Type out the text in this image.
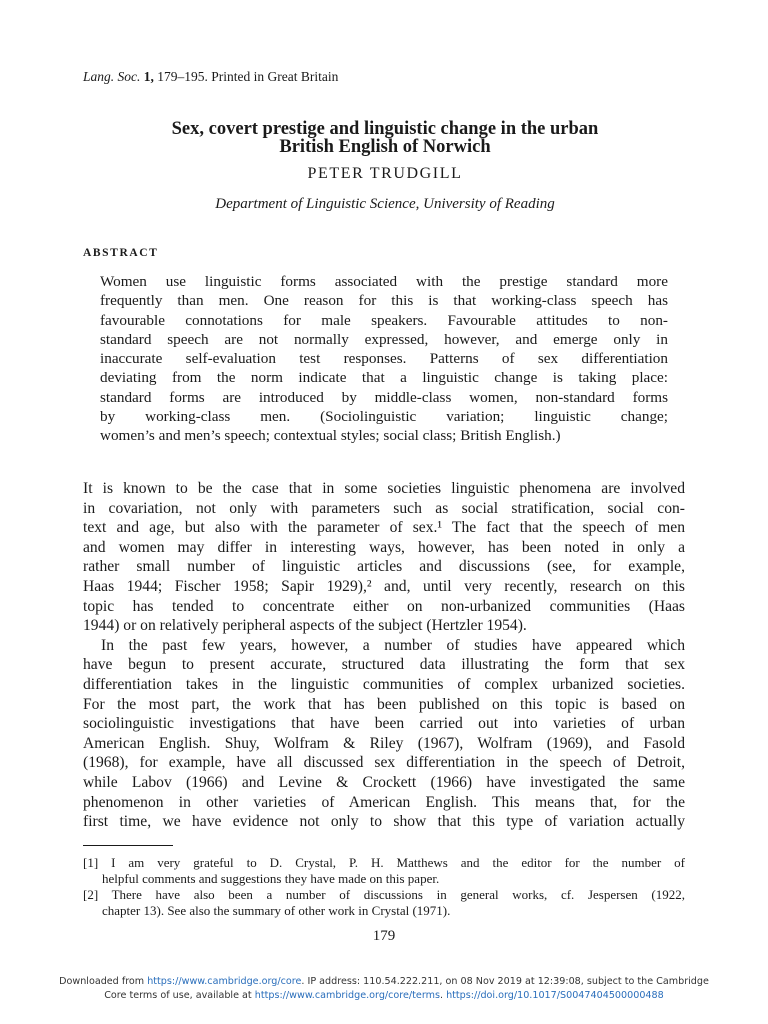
Lang. Soc. 1, 179–195. Printed in Great Britain
Sex, covert prestige and linguistic change in the urban
British English of Norwich
PETER TRUDGILL
Department of Linguistic Science, University of Reading
ABSTRACT
Women use linguistic forms associated with the prestige standard more
frequently than men. One reason for this is that working-class speech has
favourable connotations for male speakers. Favourable attitudes to non-
standard speech are not normally expressed, however, and emerge only in
inaccurate self-evaluation test responses. Patterns of sex differentiation
deviating from the norm indicate that a linguistic change is taking place:
standard forms are introduced by middle-class women, non-standard forms
by working-class men. (Sociolinguistic variation; linguistic change;
women’s and men’s speech; contextual styles; social class; British English.)
It is known to be the case that in some societies linguistic phenomena are involved
in covariation, not only with parameters such as social stratification, social con-
text and age, but also with the parameter of sex.¹ The fact that the speech of men
and women may differ in interesting ways, however, has been noted in only a
rather small number of linguistic articles and discussions (see, for example,
Haas 1944; Fischer 1958; Sapir 1929),² and, until very recently, research on this
topic has tended to concentrate either on non-urbanized communities (Haas
1944) or on relatively peripheral aspects of the subject (Hertzler 1954).
In the past few years, however, a number of studies have appeared which
have begun to present accurate, structured data illustrating the form that sex
differentiation takes in the linguistic communities of complex urbanized societies.
For the most part, the work that has been published on this topic is based on
sociolinguistic investigations that have been carried out into varieties of urban
American English. Shuy, Wolfram & Riley (1967), Wolfram (1969), and Fasold
(1968), for example, have all discussed sex differentiation in the speech of Detroit,
while Labov (1966) and Levine & Crockett (1966) have investigated the same
phenomenon in other varieties of American English. This means that, for the
first time, we have evidence not only to show that this type of variation actually
[1] I am very grateful to D. Crystal, P. H. Matthews and the editor for the number of
helpful comments and suggestions they have made on this paper.
[2] There have also been a number of discussions in general works, cf. Jespersen (1922,
chapter 13). See also the summary of other work in Crystal (1971).
179
Downloaded from https://www.cambridge.org/core. IP address: 110.54.222.211, on 08 Nov 2019 at 12:39:08, subject to the Cambridge
Core terms of use, available at https://www.cambridge.org/core/terms. https://doi.org/10.1017/S0047404500000488
